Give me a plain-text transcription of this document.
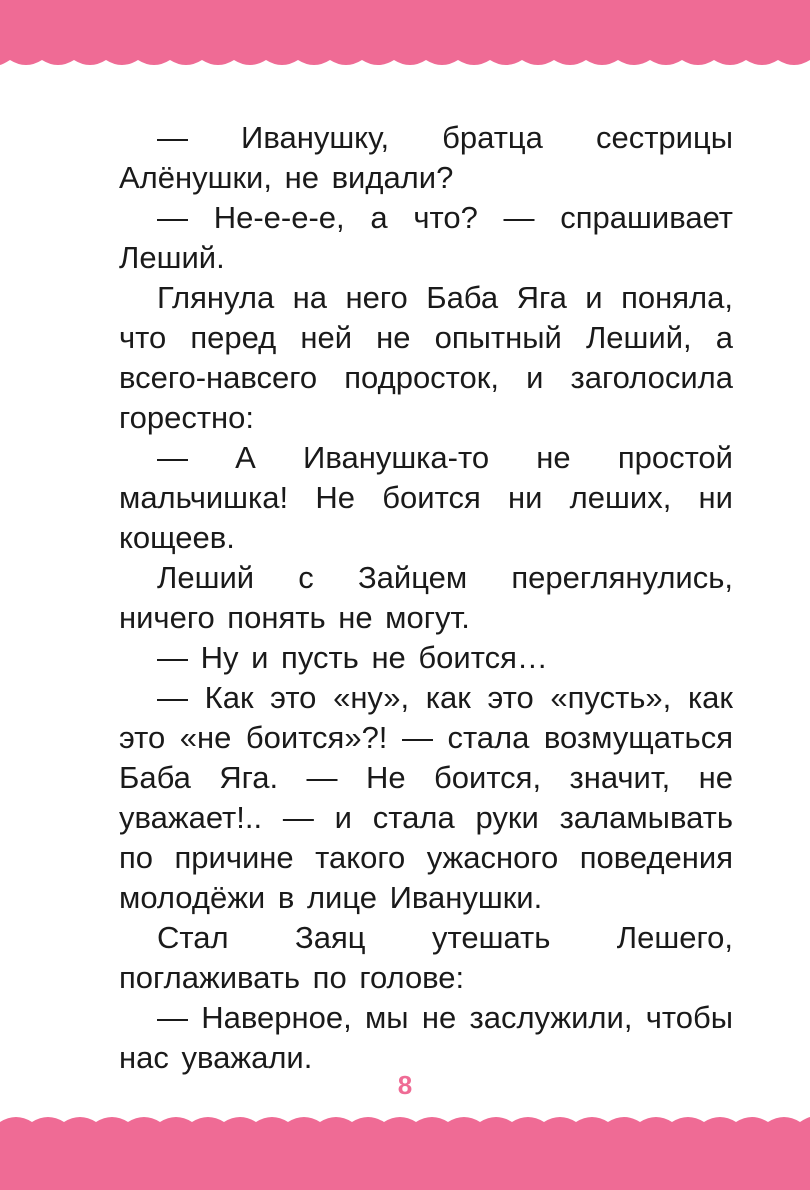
— Иванушку, братца сестрицы Алёнушки, не видали?

— Не-е-е-е, а что? — спрашивает Леший.

Глянула на него Баба Яга и поняла, что перед ней не опытный Леший, а всего-навсего подросток, и заголосила горестно:

— А Иванушка-то не простой мальчишка! Не боится ни леших, ни кощеев.

Леший с Зайцем переглянулись, ничего понять не могут.

— Ну и пусть не боится…

— Как это «ну», как это «пусть», как это «не боится»?! — стала возмущаться Баба Яга. — Не боится, значит, не уважает!.. — и стала руки заламывать по причине такого ужасного поведения молодёжи в лице Иванушки.

Стал Заяц утешать Лешего, поглаживать по голове:

— Наверное, мы не заслужили, чтобы нас уважали.

8
